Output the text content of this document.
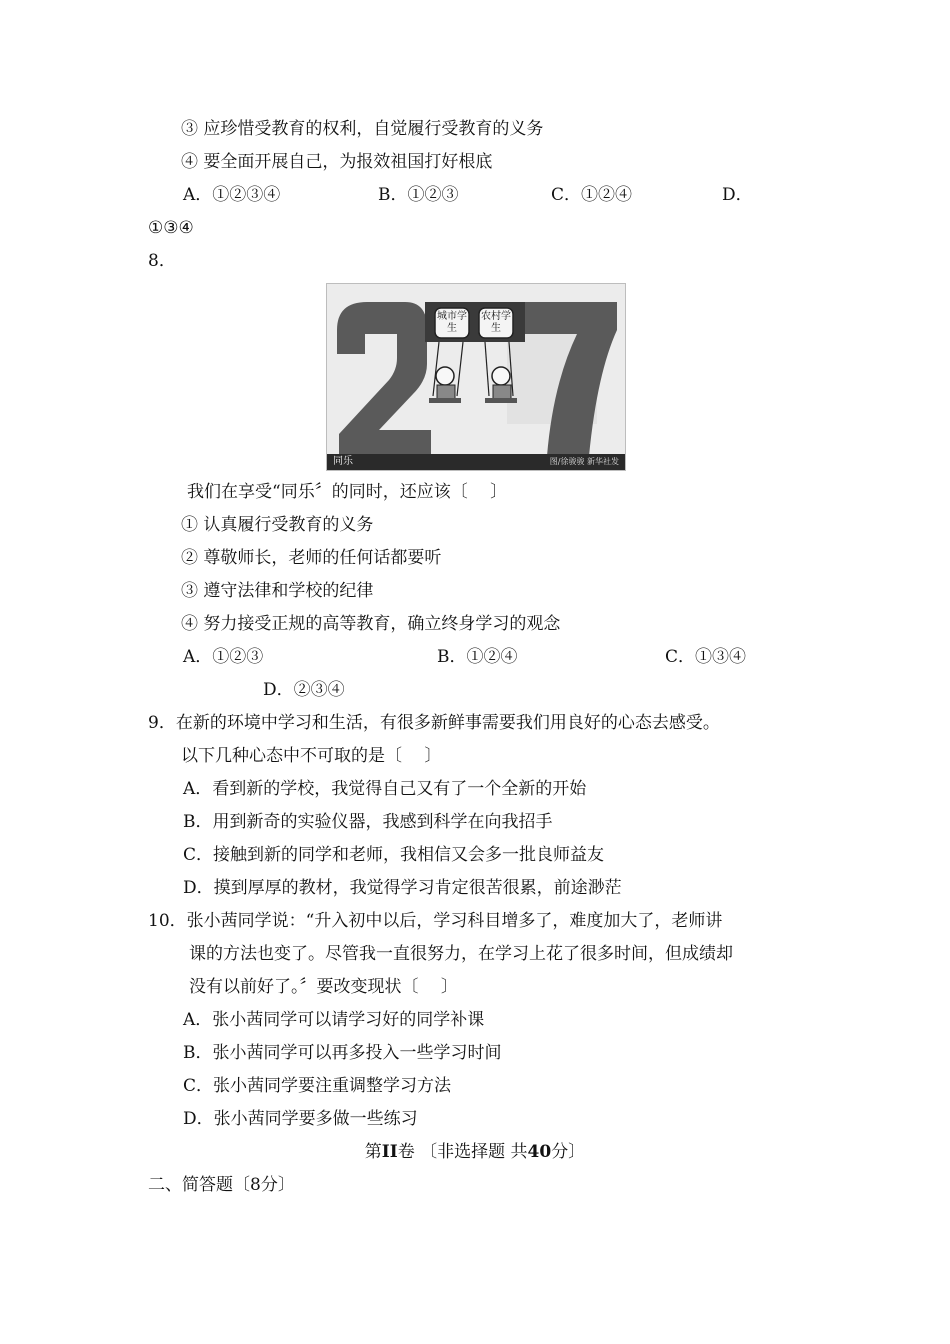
③ 应珍惜受教育的权利，自觉履行受教育的义务
④ 要全面开展自己，为报效祖国打好根底
A．①②③④	B．①②③	C．①②④	D．
①③④
8．
城市学生
农村学生
同乐	图/徐骏骏 新华社发
我们在享受“同乐〞的同时，还应该〔　 〕
① 认真履行受教育的义务
② 尊敬师长，老师的任何话都要听
③ 遵守法律和学校的纪律
④ 努力接受正规的高等教育，确立终身学习的观念
A．①②③	B．①②④	C．①③④
D．②③④
9．在新的环境中学习和生活，有很多新鲜事需要我们用良好的心态去感受。
以下几种心态中不可取的是〔　 〕
A．看到新的学校，我觉得自己又有了一个全新的开始
B．用到新奇的实验仪器，我感到科学在向我招手
C．接触到新的同学和老师，我相信又会多一批良师益友
D．摸到厚厚的教材，我觉得学习肯定很苦很累，前途渺茫
10．张小茜同学说：“升入初中以后，学习科目增多了，难度加大了，老师讲
课的方法也变了。尽管我一直很努力，在学习上花了很多时间，但成绩却
没有以前好了。〞要改变现状〔　 〕
A．张小茜同学可以请学习好的同学补课
B．张小茜同学可以再多投入一些学习时间
C．张小茜同学要注重调整学习方法
D．张小茜同学要多做一些练习
第II卷 〔非选择题 共40分〕
二、简答题〔8分〕
